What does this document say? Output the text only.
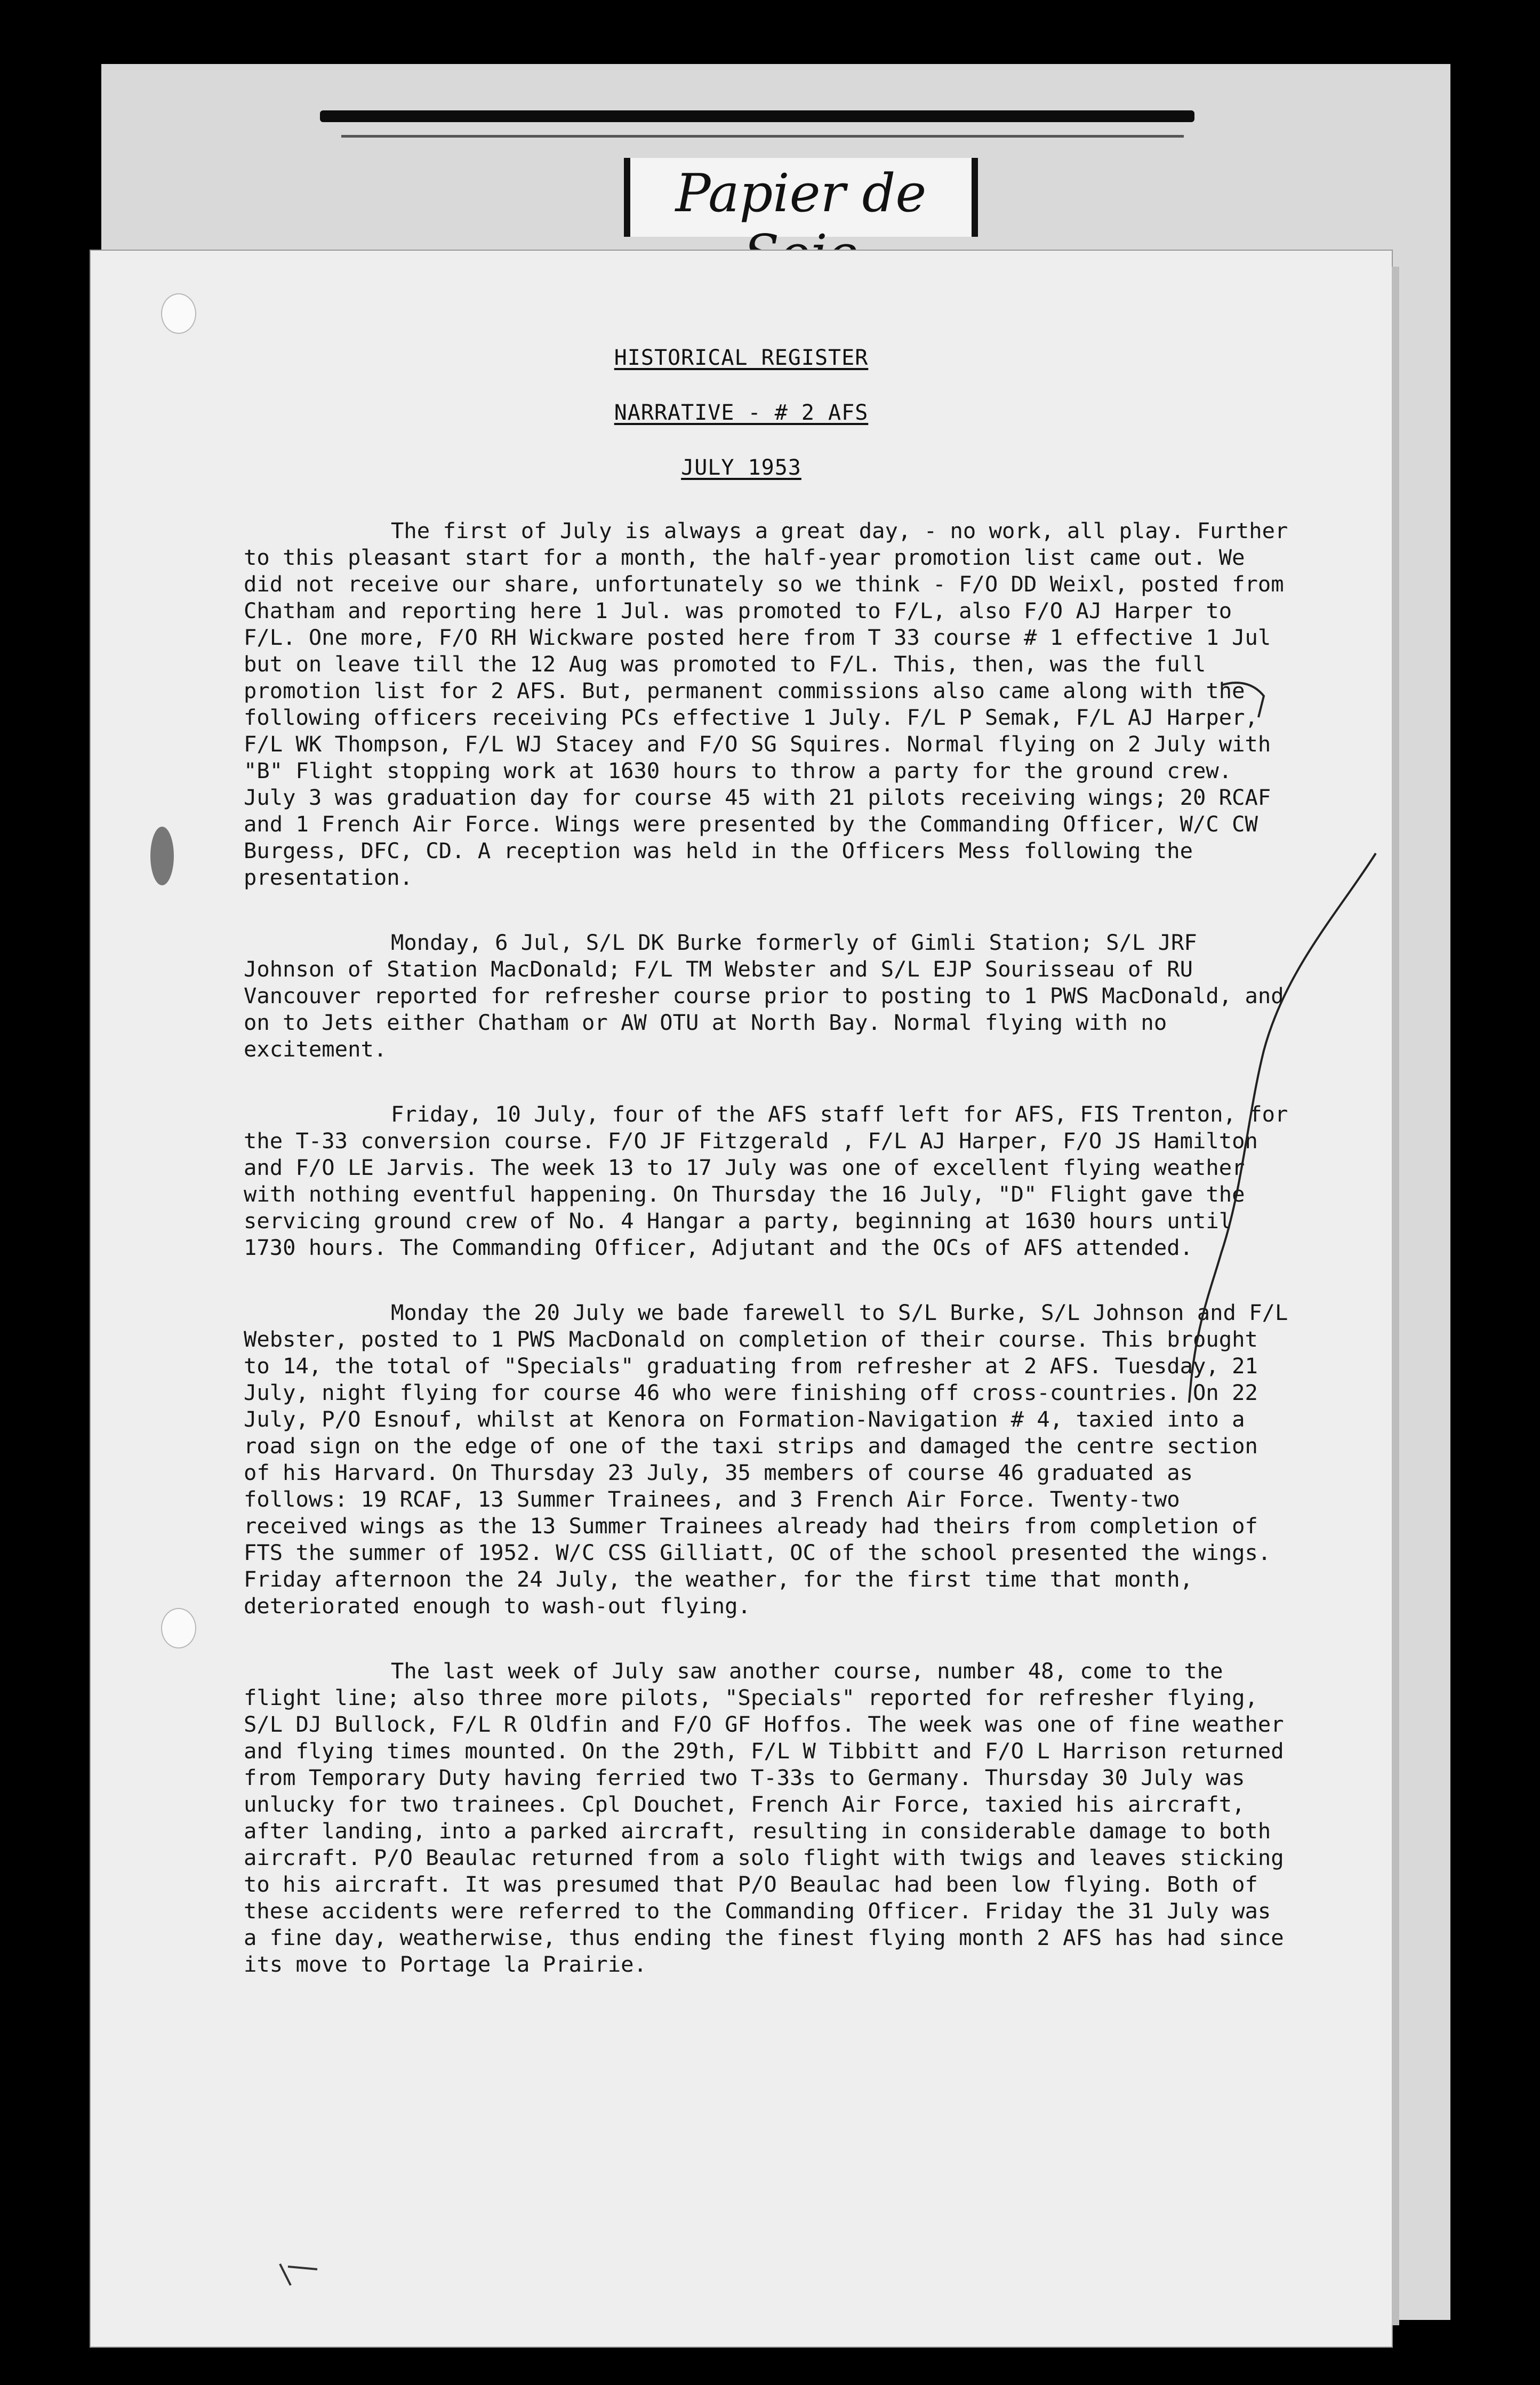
Papier de
HISTORICAL REGISTER
NARRATIVE - # 2 AFS
JULY 1953

The first of July is always a great day, - no work, all play. Further to this pleasant start for a month, the half-year promotion list came out. We did not receive our share, unfortunately so we think - F/O DD Weixl, posted from Chatham and reporting here 1 Jul. was promoted to F/L, also F/O AJ Harper to F/L. One more, F/O RH Wickware posted here from T 33 course # 1 effective 1 Jul but on leave till the 12 Aug was promoted to F/L. This, then, was the full promotion list for 2 AFS. But, permanent commissions also came along with the following officers receiving PCs effective 1 July. F/L P Semak, F/L AJ Harper, F/L WK Thompson, F/L WJ Stacey and F/O SG Squires. Normal flying on 2 July with "B" Flight stopping work at 1630 hours to throw a party for the ground crew. July 3 was graduation day for course 45 with 21 pilots receiving wings; 20 RCAF and 1 French Air Force. Wings were presented by the Commanding Officer, W/C CW Burgess, DFC, CD. A reception was held in the Officers Mess following the presentation.

Monday, 6 Jul, S/L DK Burke formerly of Gimli Station; S/L JRF Johnson of Station MacDonald; F/L TM Webster and S/L EJP Sourisseau of RU Vancouver reported for refresher course prior to posting to 1 PWS MacDonald, and on to Jets either Chatham or AW OTU at North Bay. Normal flying with no excitement.

Friday, 10 July, four of the AFS staff left for AFS, FIS Trenton, for the T-33 conversion course. F/O JF Fitzgerald , F/L AJ Harper, F/O JS Hamilton and F/O LE Jarvis. The week 13 to 17 July was one of excellent flying weather with nothing eventful happening. On Thursday the 16 July, "D" Flight gave the servicing ground crew of No. 4 Hangar a party, beginning at 1630 hours until 1730 hours. The Commanding Officer, Adjutant and the OCs of AFS attended.

Monday the 20 July we bade farewell to S/L Burke, S/L Johnson and F/L Webster, posted to 1 PWS MacDonald on completion of their course. This brought to 14, the total of "Specials" graduating from refresher at 2 AFS. Tuesday, 21 July, night flying for course 46 who were finishing off cross-countries. On 22 July, P/O Esnouf, whilst at Kenora on Formation-Navigation # 4, taxied into a road sign on the edge of one of the taxi strips and damaged the centre section of his Harvard. On Thursday 23 July, 35 members of course 46 graduated as follows: 19 RCAF, 13 Summer Trainees, and 3 French Air Force. Twenty-two received wings as the 13 Summer Trainees already had theirs from completion of FTS the summer of 1952. W/C CSS Gilliatt, OC of the school presented the wings. Friday afternoon the 24 July, the weather, for the first time that month, deteriorated enough to wash-out flying.

The last week of July saw another course, number 48, come to the flight line; also three more pilots, "Specials" reported for refresher flying, S/L DJ Bullock, F/L R Oldfin and F/O GF Hoffos. The week was one of fine weather and flying times mounted. On the 29th, F/L W Tibbitt and F/O L Harrison returned from Temporary Duty having ferried two T-33s to Germany. Thursday 30 July was unlucky for two trainees. Cpl Douchet, French Air Force, taxied his aircraft, after landing, into a parked aircraft, resulting in considerable damage to both aircraft. P/O Beaulac returned from a solo flight with twigs and leaves sticking to his aircraft. It was presumed that P/O Beaulac had been low flying. Both of these accidents were referred to the Commanding Officer. Friday the 31 July was a fine day, weatherwise, thus ending the finest flying month 2 AFS has had since its move to Portage la Prairie.
